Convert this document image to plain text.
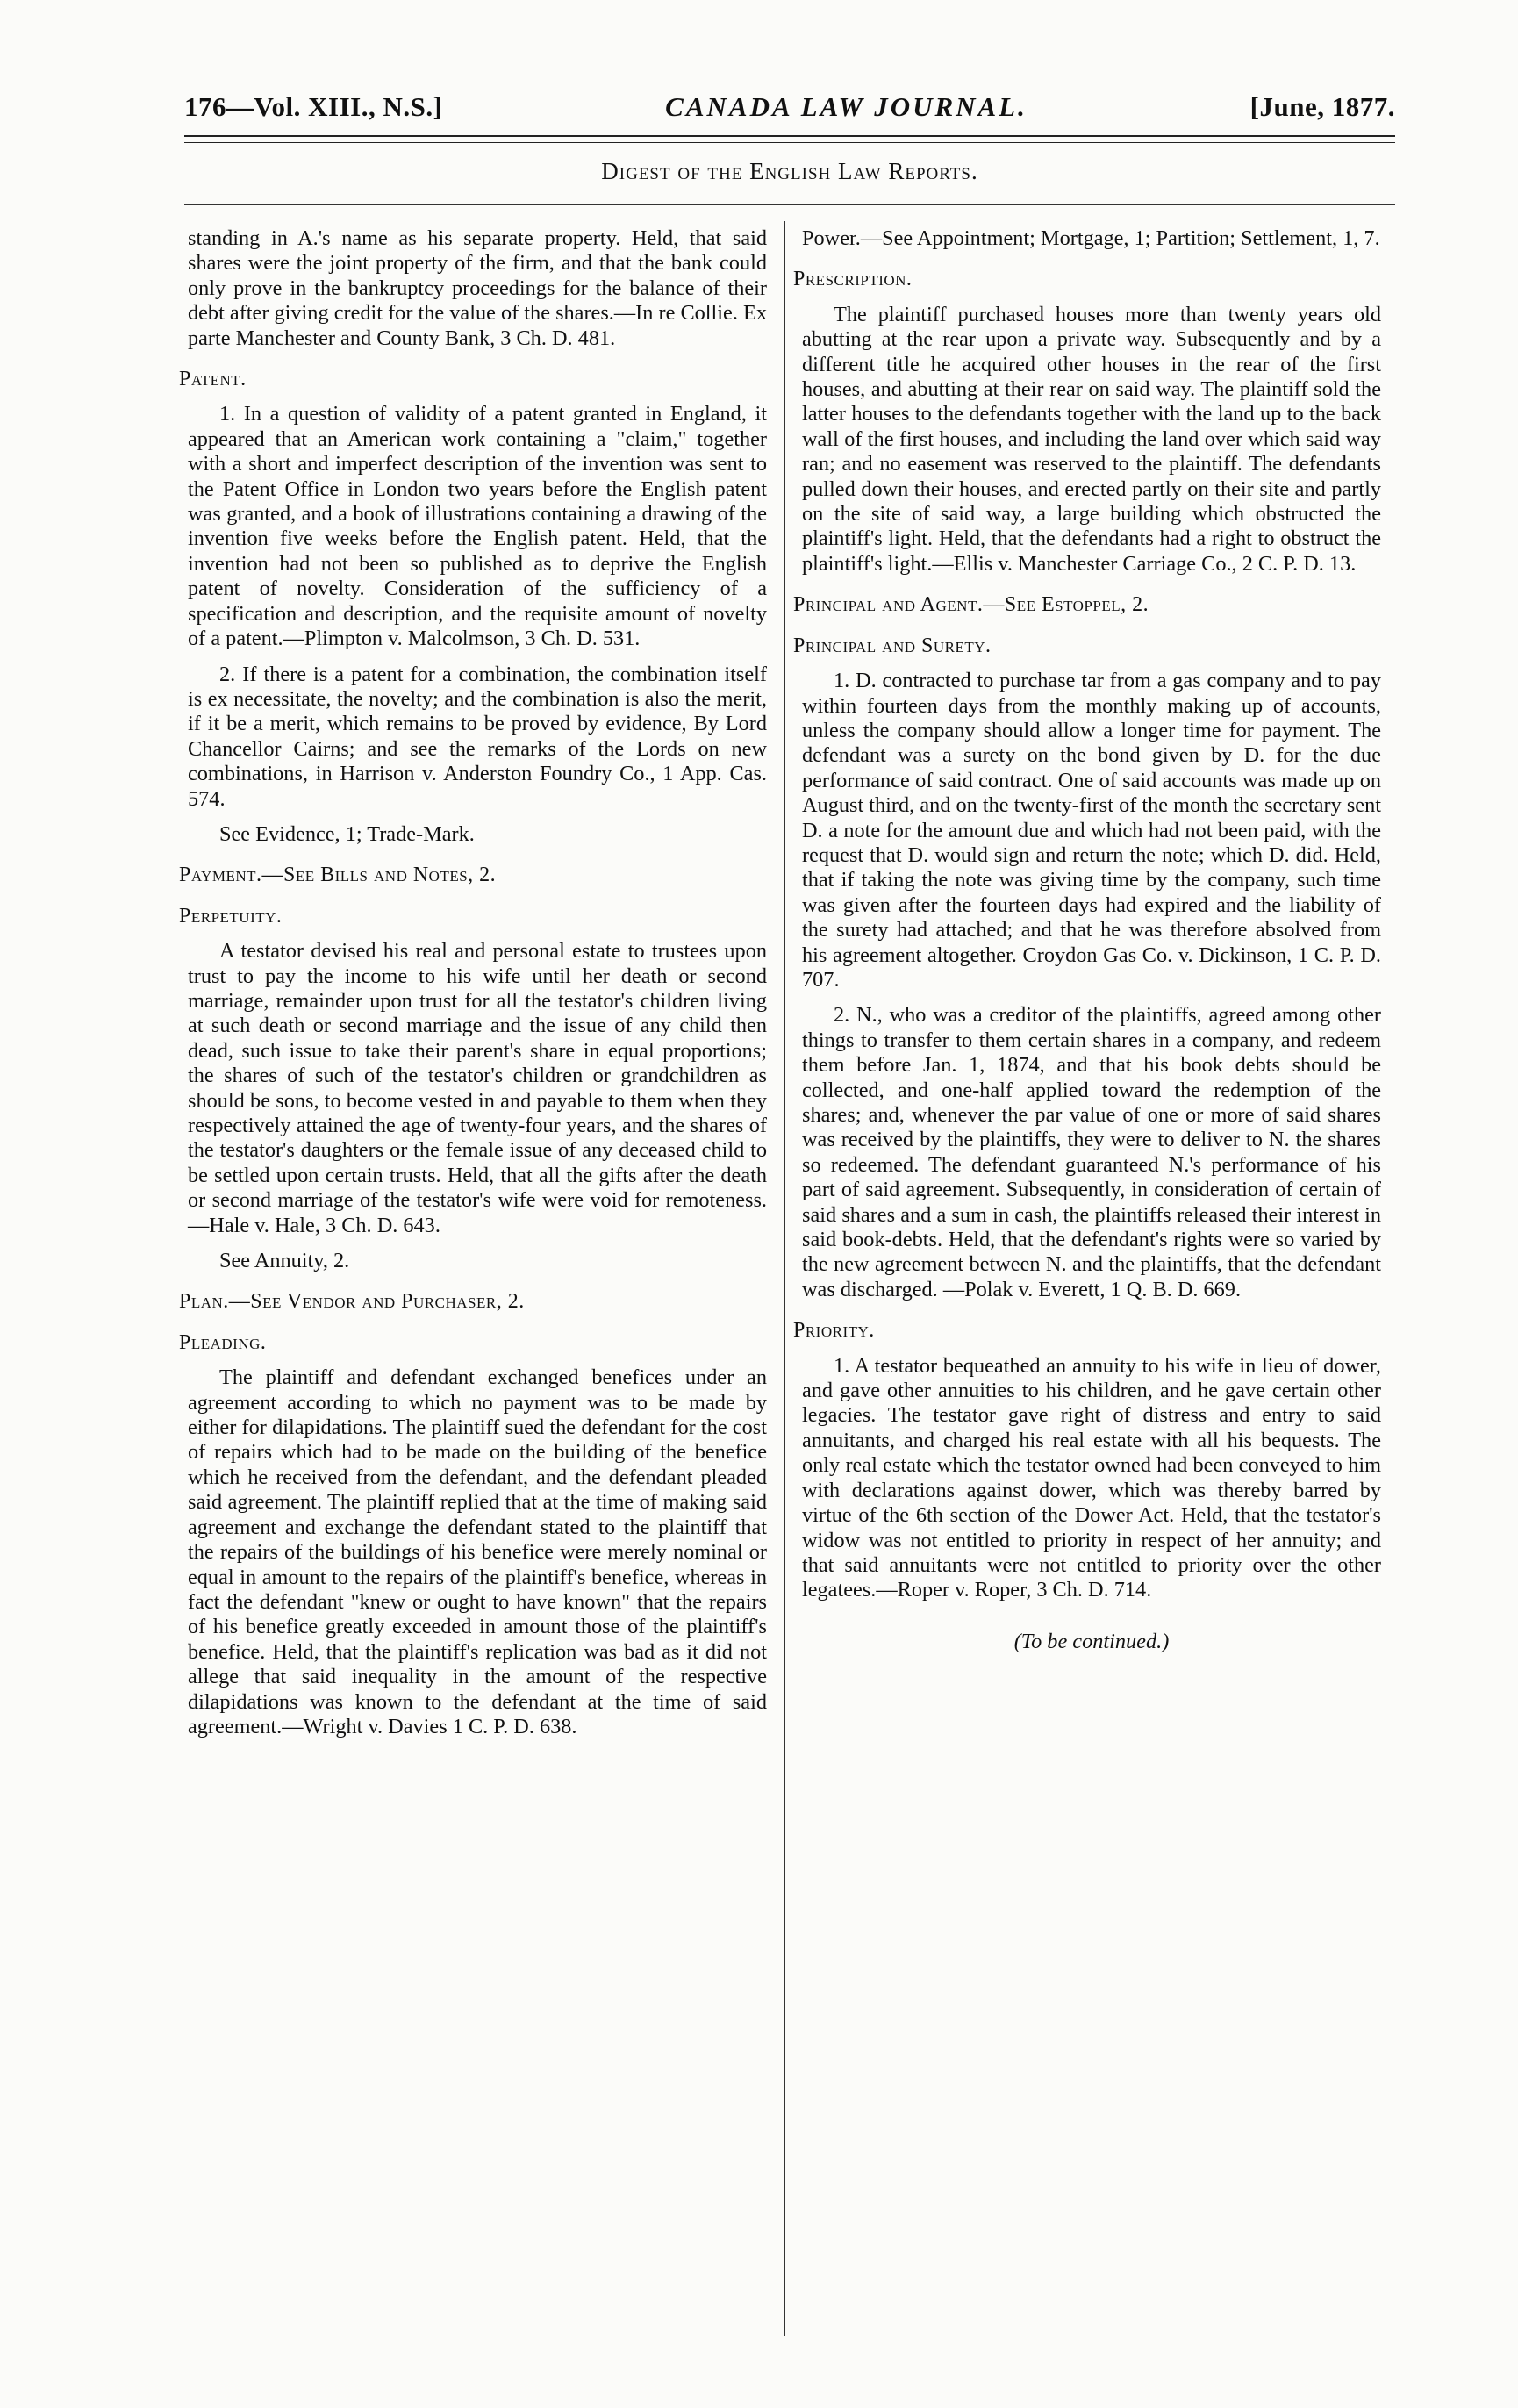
176—Vol. XIII., N.S.]	CANADA LAW JOURNAL.	[June, 1877.
Digest of the English Law Reports.

standing in A.'s name as his separate property. Held, that said shares were the joint property of the firm, and that the bank could only prove in the bankruptcy proceedings for the balance of their debt after giving credit for the value of the shares.—In re Collie. Ex parte Manchester and County Bank, 3 Ch. D. 481.

Patent.

1. In a question of validity of a patent granted in England, it appeared that an American work containing a "claim," together with a short and imperfect description of the invention was sent to the Patent Office in London two years before the English patent was granted, and a book of illustrations containing a drawing of the invention five weeks before the English patent. Held, that the invention had not been so published as to deprive the English patent of novelty. Consideration of the sufficiency of a specification and description, and the requisite amount of novelty of a patent.—Plimpton v. Malcolmson, 3 Ch. D. 531.

2. If there is a patent for a combination, the combination itself is ex necessitate, the novelty; and the combination is also the merit, if it be a merit, which remains to be proved by evidence, By Lord Chancellor Cairns; and see the remarks of the Lords on new combinations, in Harrison v. Anderston Foundry Co., 1 App. Cas. 574.

See Evidence, 1; Trade-Mark.

Payment.—See Bills and Notes, 2.

Perpetuity.

A testator devised his real and personal estate to trustees upon trust to pay the income to his wife until her death or second marriage, remainder upon trust for all the testator's children living at such death or second marriage and the issue of any child then dead, such issue to take their parent's share in equal proportions; the shares of such of the testator's children or grandchildren as should be sons, to become vested in and payable to them when they respectively attained the age of twenty-four years, and the shares of the testator's daughters or the female issue of any deceased child to be settled upon certain trusts. Held, that all the gifts after the death or second marriage of the testator's wife were void for remoteness.—Hale v. Hale, 3 Ch. D. 643.

See Annuity, 2.

Plan.—See Vendor and Purchaser, 2.

Pleading.

The plaintiff and defendant exchanged benefices under an agreement according to which no payment was to be made by either for dilapidations. The plaintiff sued the defendant for the cost of repairs which had to be made on the building of the benefice which he received from the defendant, and the defendant pleaded said agreement. The plaintiff replied that at the time of making said agreement and exchange the defendant stated to the plaintiff that the repairs of the buildings of his benefice were merely nominal or equal in amount to the repairs of the plaintiff's benefice, whereas in fact the defendant "knew or ought to have known" that the repairs of his benefice greatly exceeded in amount those of the plaintiff's benefice. Held, that the plaintiff's replication was bad as it did not allege that said inequality in the amount of the respective dilapidations was known to the defendant at the time of said agreement.—Wright v. Davies 1 C. P. D. 638.

Power.—See Appointment; Mortgage, 1; Partition; Settlement, 1, 7.

Prescription.

The plaintiff purchased houses more than twenty years old abutting at the rear upon a private way. Subsequently and by a different title he acquired other houses in the rear of the first houses, and abutting at their rear on said way. The plaintiff sold the latter houses to the defendants together with the land up to the back wall of the first houses, and including the land over which said way ran; and no easement was reserved to the plaintiff. The defendants pulled down their houses, and erected partly on their site and partly on the site of said way, a large building which obstructed the plaintiff's light. Held, that the defendants had a right to obstruct the plaintiff's light.—Ellis v. Manchester Carriage Co., 2 C. P. D. 13.

Principal and Agent.—See Estoppel, 2.

Principal and Surety.

1. D. contracted to purchase tar from a gas company and to pay within fourteen days from the monthly making up of accounts, unless the company should allow a longer time for payment. The defendant was a surety on the bond given by D. for the due performance of said contract. One of said accounts was made up on August third, and on the twenty-first of the month the secretary sent D. a note for the amount due and which had not been paid, with the request that D. would sign and return the note; which D. did. Held, that if taking the note was giving time by the company, such time was given after the fourteen days had expired and the liability of the surety had attached; and that he was therefore absolved from his agreement altogether. Croydon Gas Co. v. Dickinson, 1 C. P. D. 707.

2. N., who was a creditor of the plaintiffs, agreed among other things to transfer to them certain shares in a company, and redeem them before Jan. 1, 1874, and that his book debts should be collected, and one-half applied toward the redemption of the shares; and, whenever the par value of one or more of said shares was received by the plaintiffs, they were to deliver to N. the shares so redeemed. The defendant guaranteed N.'s performance of his part of said agreement. Subsequently, in consideration of certain of said shares and a sum in cash, the plaintiffs released their interest in said book-debts. Held, that the defendant's rights were so varied by the new agreement between N. and the plaintiffs, that the defendant was discharged. —Polak v. Everett, 1 Q. B. D. 669.

Priority.

1. A testator bequeathed an annuity to his wife in lieu of dower, and gave other annuities to his children, and he gave certain other legacies. The testator gave right of distress and entry to said annuitants, and charged his real estate with all his bequests. The only real estate which the testator owned had been conveyed to him with declarations against dower, which was thereby barred by virtue of the 6th section of the Dower Act. Held, that the testator's widow was not entitled to priority in respect of her annuity; and that said annuitants were not entitled to priority over the other legatees.—Roper v. Roper, 3 Ch. D. 714.

(To be continued.)
